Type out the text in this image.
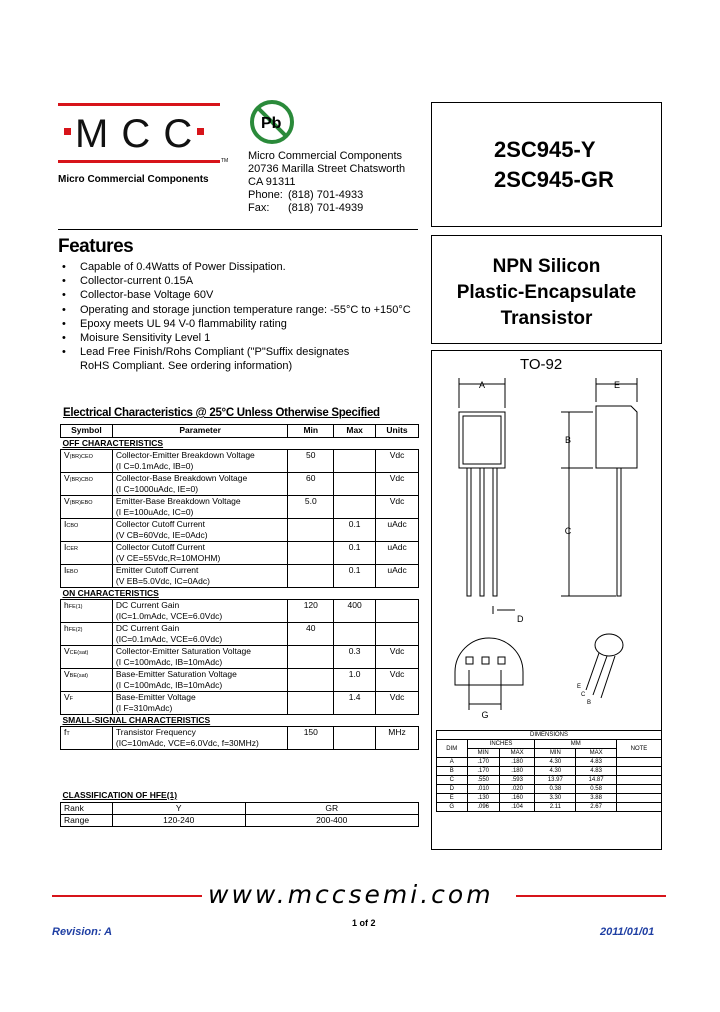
M C C
TM
Micro Commercial Components
Pb
Micro Commercial Components
20736 Marilla Street Chatsworth
CA 91311
Phone: (818) 701-4933
Fax: (818) 701-4939
2SC945-Y
2SC945-GR
NPN Silicon
Plastic-Encapsulate
Transistor
Features
• Capable of 0.4Watts of Power Dissipation.
• Collector-current 0.15A
• Collector-base Voltage 60V
• Operating and storage junction temperature range: -55°C to +150°C
• Epoxy meets UL 94 V-0 flammability rating
• Moisure Sensitivity Level 1
• Lead Free Finish/Rohs Compliant ("P"Suffix designates
RoHS Compliant. See ordering information)
Electrical Characteristics @ 25°C Unless Otherwise Specified
Symbol	Parameter	Min	Max	Units
OFF CHARACTERISTICS				
V(BR)CEO	Collector-Emitter Breakdown Voltage
(I C=0.1mAdc, IB=0)	50		Vdc
V(BR)CBO	Collector-Base Breakdown Voltage
(I C=1000uAdc, IE=0)	60		Vdc
V(BR)EBO	Emitter-Base Breakdown Voltage
(I E=100uAdc, IC=0)	5.0		Vdc
ICBO	Collector Cutoff Current
(V CB=60Vdc, IE=0Adc)		0.1	uAdc
ICER	Collector Cutoff Current
(V CE=55Vdc,R=10MOHM)		0.1	uAdc
IEBO	Emitter Cutoff Current
(V EB=5.0Vdc, IC=0Adc)		0.1	uAdc
ON CHARACTERISTICS				
hFE(1)	DC Current Gain
(IC=1.0mAdc, VCE=6.0Vdc)	120	400	
hFE(2)	DC Current Gain
(IC=0.1mAdc, VCE=6.0Vdc)	40		
VCE(sat)	Collector-Emitter Saturation Voltage
(I C=100mAdc, IB=10mAdc)		0.3	Vdc
VBE(sat)	Base-Emitter Saturation Voltage
(I C=100mAdc, IB=10mAdc)		1.0	Vdc
VF	Base-Emitter Voltage
(I F=310mAdc)		1.4	Vdc
SMALL-SIGNAL CHARACTERISTICS				
fT	Transistor Frequency
(IC=10mAdc, VCE=6.0Vdc, f=30MHz)	150		MHz
CLASSIFICATION OF HFE(1)		
Rank	Y	GR
Range	120-240	200-400
TO-92
A	E
B
C
D
G
E
C
B
DIMENSIONS					
DIM	INCHES		MM		NOTE
	MIN	MAX	MIN	MAX	
A	.170	.180	4.30	4.83	
B	.170	.180	4.30	4.83	
C	.550	.593	13.97	14.87	
D	.010	.020	0.38	0.58	
E	.130	.160	3.30	3.88	
G	.096	.104	2.11	2.67	
www.mccsemi.com
1 of 2
Revision: A	2011/01/01
